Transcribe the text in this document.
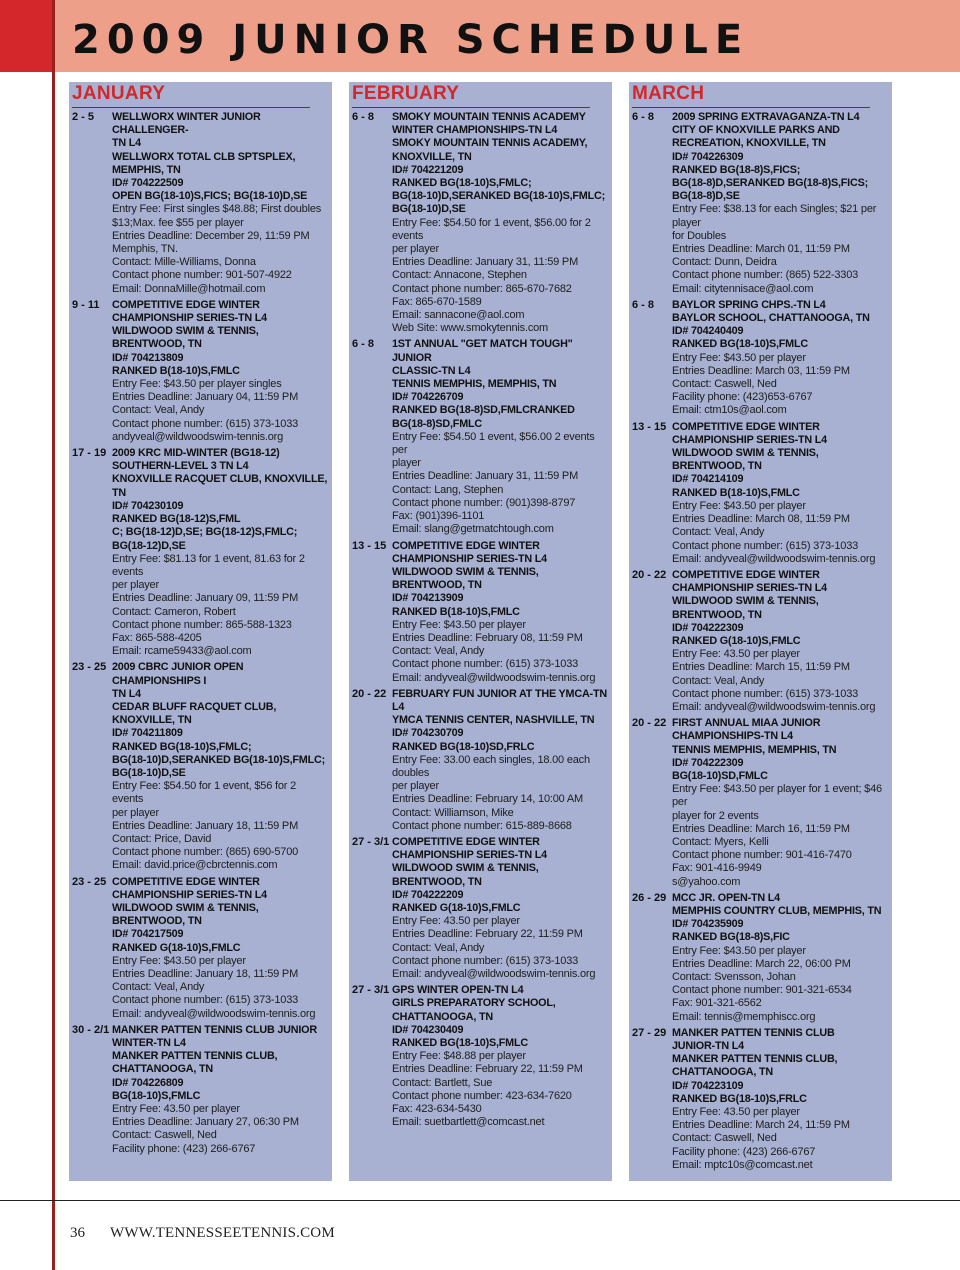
2009 JUNIOR SCHEDULE
JANUARY
2 - 5	WELLWORX WINTER JUNIOR CHALLENGER-
TN L4
WELLWORX TOTAL CLB SPTSPLEX,
MEMPHIS, TN
ID# 704222509
OPEN BG(18-10)S,FICS; BG(18-10)D,SE
Entry Fee: First singles $48.88; First doubles
$13;Max. fee $55 per player
Entries Deadline: December 29, 11:59 PM
Memphis, TN.
Contact: Mille-Williams, Donna
Contact phone number: 901-507-4922
Email: DonnaMille@hotmail.com
9 - 11	COMPETITIVE EDGE WINTER
CHAMPIONSHIP SERIES-TN L4
WILDWOOD SWIM & TENNIS,
BRENTWOOD, TN
ID# 704213809
RANKED B(18-10)S,FMLC
Entry Fee: $43.50 per player singles
Entries Deadline: January 04, 11:59 PM
Contact: Veal, Andy
Contact phone number: (615) 373-1033
andyveal@wildwoodswim-tennis.org
17 - 19 2009 KRC MID-WINTER (BG18-12)
SOUTHERN-LEVEL 3 TN L4
KNOXVILLE RACQUET CLUB, KNOXVILLE, TN
ID# 704230109
RANKED BG(18-12)S,FML
C; BG(18-12)D,SE; BG(18-12)S,FMLC;
BG(18-12)D,SE
Entry Fee: $81.13 for 1 event, 81.63 for 2 events
per player
Entries Deadline: January 09, 11:59 PM
Contact: Cameron, Robert
Contact phone number: 865-588-1323
Fax: 865-588-4205
Email: rcame59433@aol.com
23 - 25 2009 CBRC JUNIOR OPEN CHAMPIONSHIPS I
TN L4
CEDAR BLUFF RACQUET CLUB,
KNOXVILLE, TN
ID# 704211809
RANKED BG(18-10)S,FMLC;
BG(18-10)D,SERANKED BG(18-10)S,FMLC;
BG(18-10)D,SE
Entry Fee: $54.50 for 1 event, $56 for 2 events
per player
Entries Deadline: January 18, 11:59 PM
Contact: Price, David
Contact phone number: (865) 690-5700
Email: david.price@cbrctennis.com
23 - 25 COMPETITIVE EDGE WINTER
CHAMPIONSHIP SERIES-TN L4
WILDWOOD SWIM & TENNIS,
BRENTWOOD, TN
ID# 704217509
RANKED G(18-10)S,FMLC
Entry Fee: $43.50 per player
Entries Deadline: January 18, 11:59 PM
Contact: Veal, Andy
Contact phone number: (615) 373-1033
Email: andyveal@wildwoodswim-tennis.org
30 - 2/1 MANKER PATTEN TENNIS CLUB JUNIOR
WINTER-TN L4
MANKER PATTEN TENNIS CLUB,
CHATTANOOGA, TN
ID# 704226809
BG(18-10)S,FMLC
Entry Fee: 43.50 per player
Entries Deadline: January 27, 06:30 PM
Contact: Caswell, Ned
Facility phone: (423) 266-6767
FEBRUARY
6 - 8	SMOKY MOUNTAIN TENNIS ACADEMY
WINTER CHAMPIONSHIPS-TN L4
SMOKY MOUNTAIN TENNIS ACADEMY,
KNOXVILLE, TN
ID# 704221209
RANKED BG(18-10)S,FMLC;
BG(18-10)D,SERANKED BG(18-10)S,FMLC;
BG(18-10)D,SE
Entry Fee: $54.50 for 1 event, $56.00 for 2 events
per player
Entries Deadline: January 31, 11:59 PM
Contact: Annacone, Stephen
Contact phone number: 865-670-7682
Fax: 865-670-1589
Email: sannacone@aol.com
Web Site: www.smokytennis.com
6 - 8	1ST ANNUAL "GET MATCH TOUGH" JUNIOR
CLASSIC-TN L4
TENNIS MEMPHIS, MEMPHIS, TN
ID# 704226709
RANKED BG(18-8)SD,FMLCRANKED
BG(18-8)SD,FMLC
Entry Fee: $54.50 1 event, $56.00 2 events per
player
Entries Deadline: January 31, 11:59 PM
Contact: Lang, Stephen
Contact phone number: (901)398-8797
Fax: (901)396-1101
Email: slang@getmatchtough.com
13 - 15 COMPETITIVE EDGE WINTER
CHAMPIONSHIP SERIES-TN L4
WILDWOOD SWIM & TENNIS,
BRENTWOOD, TN
ID# 704213909
RANKED B(18-10)S,FMLC
Entry Fee: $43.50 per player
Entries Deadline: February 08, 11:59 PM
Contact: Veal, Andy
Contact phone number: (615) 373-1033
Email: andyveal@wildwoodswim-tennis.org
20 - 22 FEBRUARY FUN JUNIOR AT THE YMCA-TN L4
YMCA TENNIS CENTER, NASHVILLE, TN
ID# 704230709
RANKED BG(18-10)SD,FRLC
Entry Fee: 33.00 each singles, 18.00 each doubles
per player
Entries Deadline: February 14, 10:00 AM
Contact: Williamson, Mike
Contact phone number: 615-889-8668
27 - 3/1 COMPETITIVE EDGE WINTER
CHAMPIONSHIP SERIES-TN L4
WILDWOOD SWIM & TENNIS,
BRENTWOOD, TN
ID# 704222209
RANKED G(18-10)S,FMLC
Entry Fee: 43.50 per player
Entries Deadline: February 22, 11:59 PM
Contact: Veal, Andy
Contact phone number: (615) 373-1033
Email: andyveal@wildwoodswim-tennis.org
27 - 3/1 GPS WINTER OPEN-TN L4
GIRLS PREPARATORY SCHOOL,
CHATTANOOGA, TN
ID# 704230409
RANKED BG(18-10)S,FMLC
Entry Fee: $48.88 per player
Entries Deadline: February 22, 11:59 PM
Contact: Bartlett, Sue
Contact phone number: 423-634-7620
Fax: 423-634-5430
Email: suetbartlett@comcast.net
MARCH
6 - 8	2009 SPRING EXTRAVAGANZA-TN L4
CITY OF KNOXVILLE PARKS AND
RECREATION, KNOXVILLE, TN
ID# 704226309
RANKED BG(18-8)S,FICS;
BG(18-8)D,SERANKED BG(18-8)S,FICS;
BG(18-8)D,SE
Entry Fee: $38.13 for each Singles; $21 per player
for Doubles
Entries Deadline: March 01, 11:59 PM
Contact: Dunn, Deidra
Contact phone number: (865) 522-3303
Email: citytennisace@aol.com
6 - 8	BAYLOR SPRING CHPS.-TN L4
BAYLOR SCHOOL, CHATTANOOGA, TN
ID# 704240409
RANKED BG(18-10)S,FMLC
Entry Fee: $43.50 per player
Entries Deadline: March 03, 11:59 PM
Contact: Caswell, Ned
Facility phone: (423)653-6767
Email: ctm10s@aol.com
13 - 15 COMPETITIVE EDGE WINTER
CHAMPIONSHIP SERIES-TN L4
WILDWOOD SWIM & TENNIS,
BRENTWOOD, TN
ID# 704214109
RANKED B(18-10)S,FMLC
Entry Fee: $43.50 per player
Entries Deadline: March 08, 11:59 PM
Contact: Veal, Andy
Contact phone number: (615) 373-1033
Email: andyveal@wildwoodswim-tennis.org
20 - 22 COMPETITIVE EDGE WINTER
CHAMPIONSHIP SERIES-TN L4
WILDWOOD SWIM & TENNIS,
BRENTWOOD, TN
ID# 704222309
RANKED G(18-10)S,FMLC
Entry Fee: 43.50 per player
Entries Deadline: March 15, 11:59 PM
Contact: Veal, Andy
Contact phone number: (615) 373-1033
Email: andyveal@wildwoodswim-tennis.org
20 - 22 FIRST ANNUAL MIAA JUNIOR
CHAMPIONSHIPS-TN L4
TENNIS MEMPHIS, MEMPHIS, TN
ID# 704222309
BG(18-10)SD,FMLC
Entry Fee: $43.50 per player for 1 event; $46 per
player for 2 events
Entries Deadline: March 16, 11:59 PM
Contact: Myers, Kelli
Contact phone number: 901-416-7470
Fax: 901-416-9949
s@yahoo.com
26 - 29 MCC JR. OPEN-TN L4
MEMPHIS COUNTRY CLUB, MEMPHIS, TN
ID# 704235909
RANKED BG(18-8)S,FIC
Entry Fee: $43.50 per player
Entries Deadline: March 22, 06:00 PM
Contact: Svensson, Johan
Contact phone number: 901-321-6534
Fax: 901-321-6562
Email: tennis@memphiscc.org
27 - 29 MANKER PATTEN TENNIS CLUB
JUNIOR-TN L4
MANKER PATTEN TENNIS CLUB,
CHATTANOOGA, TN
ID# 704223109
RANKED BG(18-10)S,FRLC
Entry Fee: 43.50 per player
Entries Deadline: March 24, 11:59 PM
Contact: Caswell, Ned
Facility phone: (423) 266-6767
Email: mptc10s@comcast.net
36 WWW.TENNESSEETENNIS.COM
